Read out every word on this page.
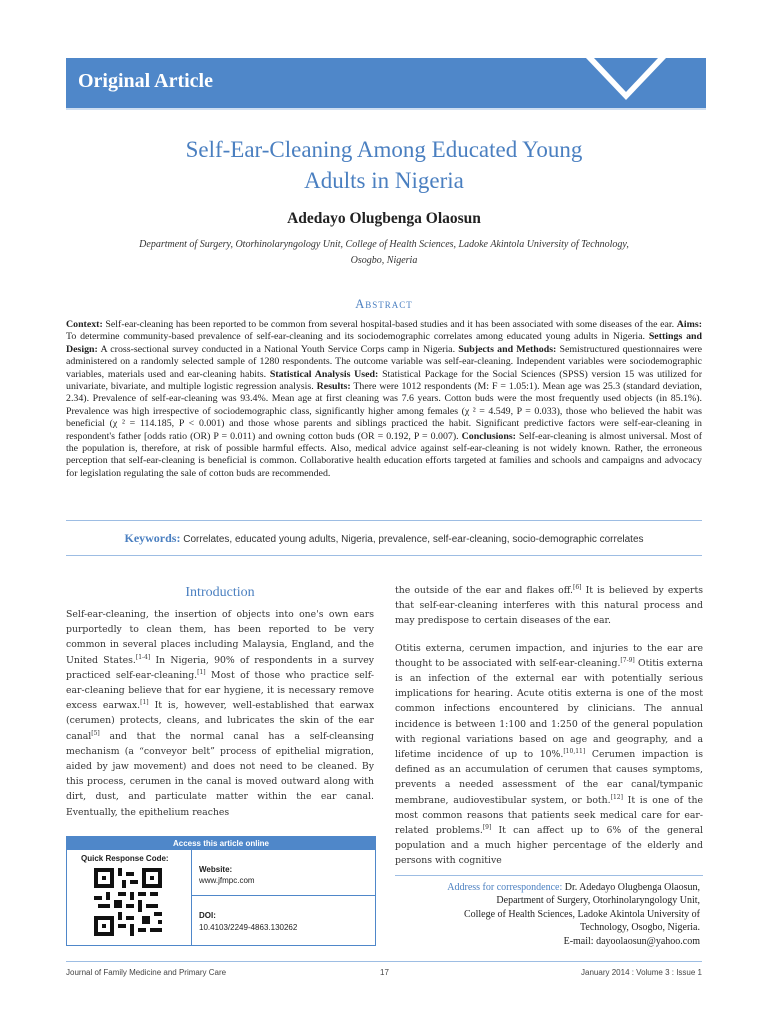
Original Article
Self-Ear-Cleaning Among Educated Young
Adults in Nigeria
Adedayo Olugbenga Olaosun
Department of Surgery, Otorhinolaryngology Unit, College of Health Sciences, Ladoke Akintola University of Technology,
Osogbo, Nigeria
Abstract
Context: Self-ear-cleaning has been reported to be common from several hospital-based studies and it has been associated with some diseases of the ear. Aims: To determine community-based prevalence of self-ear-cleaning and its sociodemographic correlates among educated young adults in Nigeria. Settings and Design: A cross-sectional survey conducted in a National Youth Service Corps camp in Nigeria. Subjects and Methods: Semistructured questionnaires were administered on a randomly selected sample of 1280 respondents. The outcome variable was self-ear-cleaning. Independent variables were sociodemographic variables, materials used and ear-cleaning habits. Statistical Analysis Used: Statistical Package for the Social Sciences (SPSS) version 15 was utilized for univariate, bivariate, and multiple logistic regression analysis. Results: There were 1012 respondents (M: F = 1.05:1). Mean age was 25.3 (standard deviation, 2.34). Prevalence of self-ear-cleaning was 93.4%. Mean age at first cleaning was 7.6 years. Cotton buds were the most frequently used objects (in 85.1%). Prevalence was high irrespective of sociodemographic class, significantly higher among females (χ ² = 4.549, P = 0.033), those who believed the habit was beneficial (χ ² = 114.185, P < 0.001) and those whose parents and siblings practiced the habit. Significant predictive factors were self-ear-cleaning in respondent's father [odds ratio (OR) P = 0.011) and owning cotton buds (OR = 0.192, P = 0.007). Conclusions: Self-ear-cleaning is almost universal. Most of the population is, therefore, at risk of possible harmful effects. Also, medical advice against self-ear-cleaning is not widely known. Rather, the erroneous perception that self-ear-cleaning is beneficial is common. Collaborative health education efforts targeted at families and schools and campaigns and advocacy for legislation regulating the sale of cotton buds are recommended.
Keywords: Correlates, educated young adults, Nigeria, prevalence, self-ear-cleaning, socio-demographic correlates
Introduction

Self-ear-cleaning, the insertion of objects into one's own ears purportedly to clean them, has been reported to be very common in several places including Malaysia, England, and the United States.[1-4] In Nigeria, 90% of respondents in a survey practiced self-ear-cleaning.[1] Most of those who practice self-ear-cleaning believe that for ear hygiene, it is necessary remove excess earwax.[1] It is, however, well-established that earwax (cerumen) protects, cleans, and lubricates the skin of the ear canal[5] and that the normal canal has a self-cleansing mechanism (a “conveyor belt” process of epithelial migration, aided by jaw movement) and does not need to be cleaned. By this process, cerumen in the canal is moved outward along with dirt, dust, and particulate matter within the ear canal. Eventually, the epithelium reaches

the outside of the ear and flakes off.[6] It is believed by experts that self-ear-cleaning interferes with this natural process and may predispose to certain diseases of the ear.

Otitis externa, cerumen impaction, and injuries to the ear are thought to be associated with self-ear-cleaning.[7-9] Otitis externa is an infection of the external ear with potentially serious implications for hearing. Acute otitis externa is one of the most common infections encountered by clinicians. The annual incidence is between 1:100 and 1:250 of the general population with regional variations based on age and geography, and a lifetime incidence of up to 10%.[10,11] Cerumen impaction is defined as an accumulation of cerumen that causes symptoms, prevents a needed assessment of the ear canal/tympanic membrane, audiovestibular system, or both.[12] It is one of the most common reasons that patients seek medical care for ear-related problems.[9] It can affect up to 6% of the general population and a much higher percentage of the elderly and persons with cognitive

Access this article online
Quick Response Code:
Website:
www.jfmpc.com
DOI:
10.4103/2249-4863.130262
Address for correspondence: Dr. Adedayo Olugbenga Olaosun,
Department of Surgery, Otorhinolaryngology Unit,
College of Health Sciences, Ladoke Akintola University of
Technology, Osogbo, Nigeria.
E-mail: dayoolaosun@yahoo.com
Journal of Family Medicine and Primary Care	17	January 2014 : Volume 3 : Issue 1
